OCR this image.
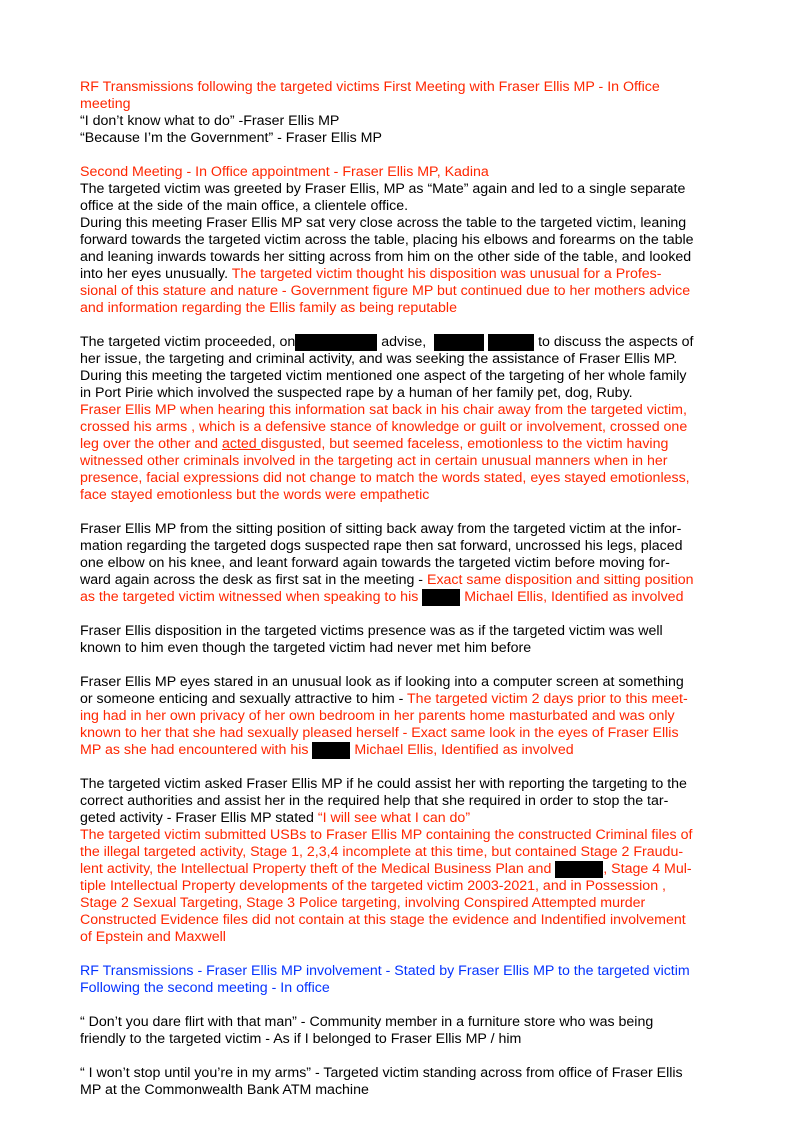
RF Transmissions following the targeted victims First Meeting with Fraser Ellis MP - In Office
meeting
“I don’t know what to do” -Fraser Ellis MP
“Because I’m the Government” - Fraser Ellis MP
Second Meeting - In Office appointment - Fraser Ellis MP, Kadina
The targeted victim was greeted by Fraser Ellis, MP as “Mate” again and led to a single separate
office at the side of the main office, a clientele office.
During this meeting Fraser Ellis MP sat very close across the table to the targeted victim, leaning
forward towards the targeted victim across the table, placing his elbows and forearms on the table
and leaning inwards towards her sitting across from him on the other side of the table, and looked
into her eyes unusually. The targeted victim thought his disposition was unusual for a Profes-
sional of this stature and nature - Government figure MP but continued due to her mothers advice
and information regarding the Ellis family as being reputable
The targeted victim proceeded, on	advise,	to discuss the aspects of
her issue, the targeting and criminal activity, and was seeking the assistance of Fraser Ellis MP.
During this meeting the targeted victim mentioned one aspect of the targeting of her whole family
in Port Pirie which involved the suspected rape by a human of her family pet, dog, Ruby.
Fraser Ellis MP when hearing this information sat back in his chair away from the targeted victim,
crossed his arms , which is a defensive stance of knowledge or guilt or involvement, crossed one
leg over the other and acted disgusted, but seemed faceless, emotionless to the victim having
witnessed other criminals involved in the targeting act in certain unusual manners when in her
presence, facial expressions did not change to match the words stated, eyes stayed emotionless,
face stayed emotionless but the words were empathetic
Fraser Ellis MP from the sitting position of sitting back away from the targeted victim at the infor-
mation regarding the targeted dogs suspected rape then sat forward, uncrossed his legs, placed
one elbow on his knee, and leant forward again towards the targeted victim before moving for-
ward again across the desk as first sat in the meeting - Exact same disposition and sitting position
as the targeted victim witnessed when speaking to his	Michael Ellis, Identified as involved
Fraser Ellis disposition in the targeted victims presence was as if the targeted victim was well
known to him even though the targeted victim had never met him before
Fraser Ellis MP eyes stared in an unusual look as if looking into a computer screen at something
or someone enticing and sexually attractive to him - The targeted victim 2 days prior to this meet-
ing had in her own privacy of her own bedroom in her parents home masturbated and was only
known to her that she had sexually pleased herself - Exact same look in the eyes of Fraser Ellis
MP as she had encountered with his	Michael Ellis, Identified as involved
The targeted victim asked Fraser Ellis MP if he could assist her with reporting the targeting to the
correct authorities and assist her in the required help that she required in order to stop the tar-
geted activity - Fraser Ellis MP stated “I will see what I can do”
The targeted victim submitted USBs to Fraser Ellis MP containing the constructed Criminal files of
the illegal targeted activity, Stage 1, 2,3,4 incomplete at this time, but contained Stage 2 Fraudu-
lent activity, the Intellectual Property theft of the Medical Business Plan and	, Stage 4 Mul-
tiple Intellectual Property developments of the targeted victim 2003-2021, and in Possession ,
Stage 2 Sexual Targeting, Stage 3 Police targeting, involving Conspired Attempted murder
Constructed Evidence files did not contain at this stage the evidence and Indentified involvement
of Epstein and Maxwell
RF Transmissions - Fraser Ellis MP involvement - Stated by Fraser Ellis MP to the targeted victim
Following the second meeting - In office
“ Don’t you dare flirt with that man” - Community member in a furniture store who was being
friendly to the targeted victim - As if I belonged to Fraser Ellis MP / him
“ I won’t stop until you’re in my arms” - Targeted victim standing across from office of Fraser Ellis
MP at the Commonwealth Bank ATM machine
